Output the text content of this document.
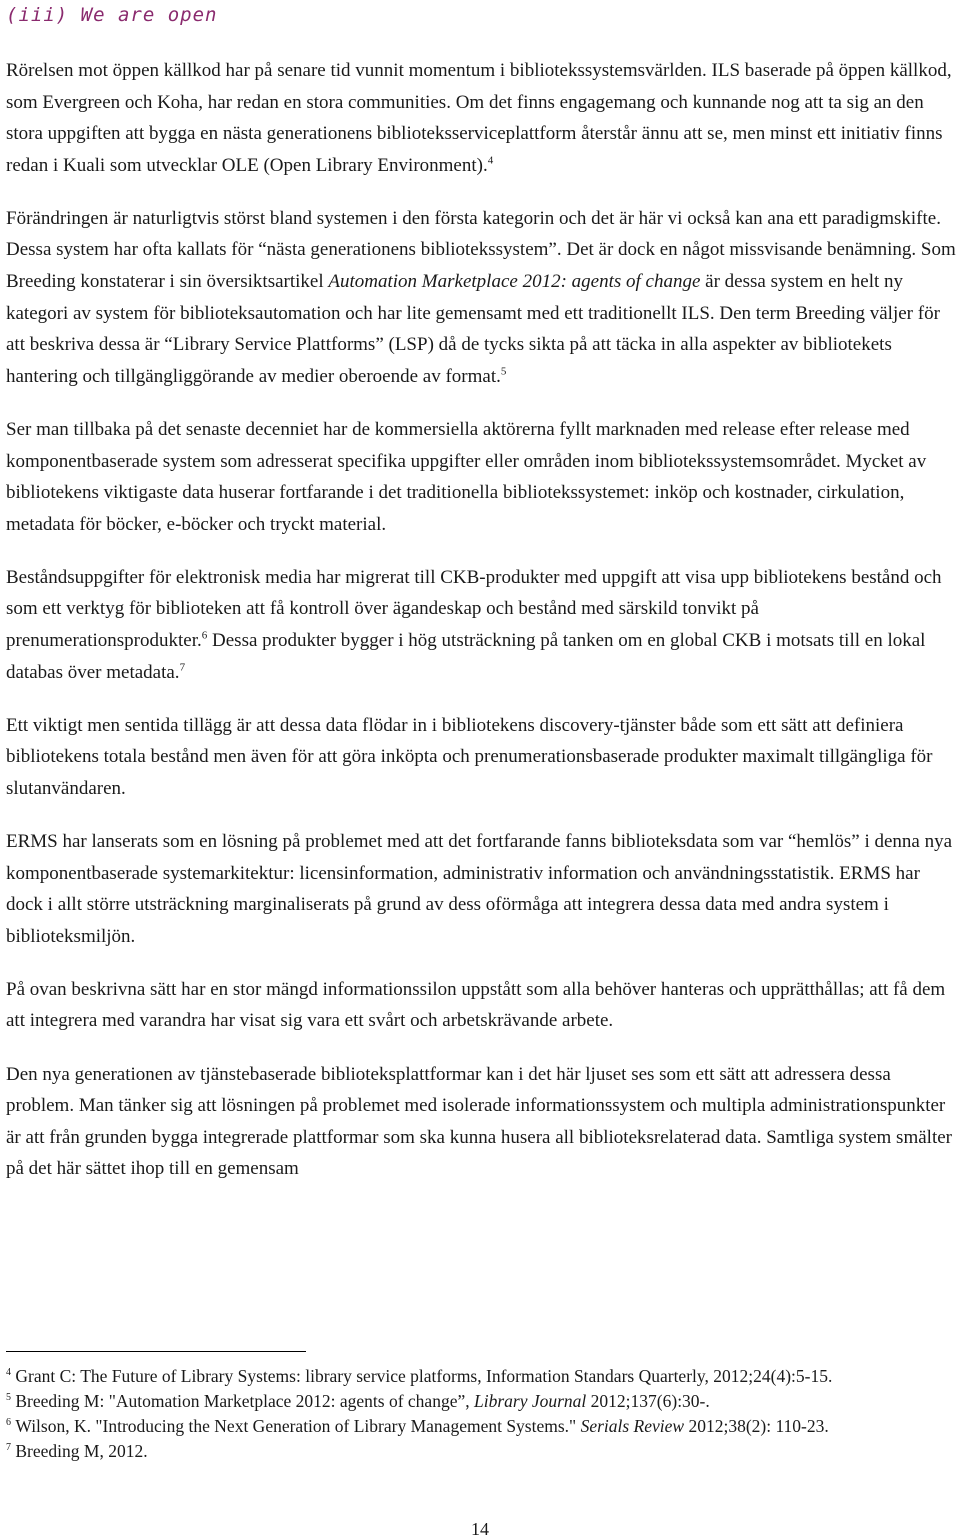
(iii) We are open

Rörelsen mot öppen källkod har på senare tid vunnit momentum i bibliotekssystemsvärlden. ILS baserade på öppen källkod, som Evergreen och Koha, har redan en stora communities. Om det finns engagemang och kunnande nog att ta sig an den stora uppgiften att bygga en nästa generationens biblioteksserviceplattform återstår ännu att se, men minst ett initiativ finns redan i Kuali som utvecklar OLE (Open Library Environment).$^4$

Förändringen är naturligtvis störst bland systemen i den första kategorin och det är här vi också kan ana ett paradigmskifte. Dessa system har ofta kallats för “nästa generationens bibliotekssystem”. Det är dock en något missvisande benämning. Som Breeding konstaterar i sin översiktsartikel Automation Marketplace 2012: agents of change är dessa system en helt ny kategori av system för biblioteksautomation och har lite gemensamt med ett traditionellt ILS. Den term Breeding väljer för att beskriva dessa är “Library Service Plattforms” (LSP) då de tycks sikta på att täcka in alla aspekter av bibliotekets hantering och tillgängliggörande av medier oberoende av format.$^5$

Ser man tillbaka på det senaste decenniet har de kommersiella aktörerna fyllt marknaden med release efter release med komponentbaserade system som adresserat specifika uppgifter eller områden inom bibliotekssystemsområdet. Mycket av bibliotekens viktigaste data huserar fortfarande i det traditionella bibliotekssystemet: inköp och kostnader, cirkulation, metadata för böcker, e-böcker och tryckt material.

Beståndsuppgifter för elektronisk media har migrerat till CKB-produkter med uppgift att visa upp bibliotekens bestånd och som ett verktyg för biblioteken att få kontroll över ägandeskap och bestånd med särskild tonvikt på prenumerationsprodukter.$^6$ Dessa produkter bygger i hög utsträckning på tanken om en global CKB i motsats till en lokal databas över metadata.$^7$

Ett viktigt men sentida tillägg är att dessa data flödar in i bibliotekens discovery-tjänster både som ett sätt att definiera bibliotekens totala bestånd men även för att göra inköpta och prenumerationsbaserade produkter maximalt tillgängliga för slutanvändaren.

ERMS har lanserats som en lösning på problemet med att det fortfarande fanns biblioteksdata som var “hemlös” i denna nya komponentbaserade systemarkitektur: licensinformation, administrativ information och användningsstatistik. ERMS har dock i allt större utsträckning marginaliserats på grund av dess oförmåga att integrera dessa data med andra system i biblioteksmiljön.

På ovan beskrivna sätt har en stor mängd informationssilon uppstått som alla behöver hanteras och upprätthållas; att få dem att integrera med varandra har visat sig vara ett svårt och arbetskrävande arbete.

Den nya generationen av tjänstebaserade biblioteksplattformar kan i det här ljuset ses som ett sätt att adressera dessa problem. Man tänker sig att lösningen på problemet med isolerade informationssystem och multipla administrationspunkter är att från grunden bygga integrerade plattformar som ska kunna husera all biblioteksrelaterad data. Samtliga system smälter på det här sättet ihop till en gemensam

$^4$ Grant C: The Future of Library Systems: library service platforms, Information Standars Quarterly, 2012;24(4):5-15.

$^5$ Breeding M: "Automation Marketplace 2012: agents of change”, Library Journal 2012;137(6):30-.

$^6$ Wilson, K. "Introducing the Next Generation of Library Management Systems." Serials Review 2012;38(2): 110-23.

$^7$ Breeding M, 2012.

14
